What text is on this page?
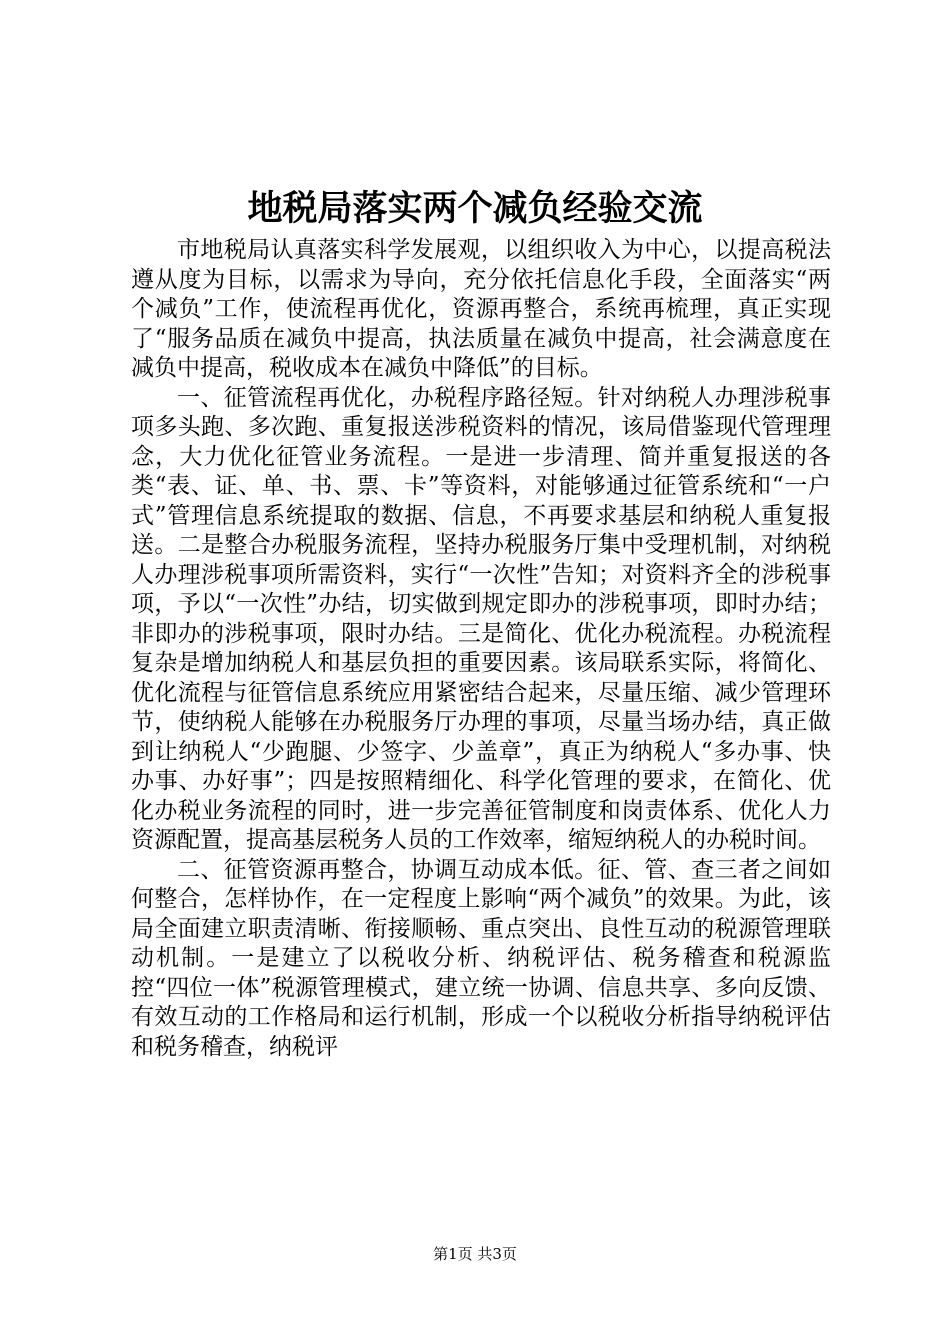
地税局落实两个减负经验交流

市地税局认真落实科学发展观，以组织收入为中心，以提高税法遵从度为目标，以需求为导向，充分依托信息化手段，全面落实“两个减负”工作，使流程再优化，资源再整合，系统再梳理，真正实现了“服务品质在减负中提高，执法质量在减负中提高，社会满意度在减负中提高，税收成本在减负中降低”的目标。

一、征管流程再优化，办税程序路径短。针对纳税人办理涉税事项多头跑、多次跑、重复报送涉税资料的情况，该局借鉴现代管理理念，大力优化征管业务流程。一是进一步清理、简并重复报送的各类“表、证、单、书、票、卡”等资料，对能够通过征管系统和“一户式”管理信息系统提取的数据、信息，不再要求基层和纳税人重复报送。二是整合办税服务流程，坚持办税服务厅集中受理机制，对纳税人办理涉税事项所需资料，实行“一次性”告知；对资料齐全的涉税事项，予以“一次性”办结，切实做到规定即办的涉税事项，即时办结；非即办的涉税事项，限时办结。三是简化、优化办税流程。办税流程复杂是增加纳税人和基层负担的重要因素。该局联系实际，将简化、优化流程与征管信息系统应用紧密结合起来，尽量压缩、减少管理环节，使纳税人能够在办税服务厅办理的事项，尽量当场办结，真正做到让纳税人“少跑腿、少签字、少盖章”，真正为纳税人“多办事、快办事、办好事”；四是按照精细化、科学化管理的要求，在简化、优化办税业务流程的同时，进一步完善征管制度和岗责体系、优化人力资源配置，提高基层税务人员的工作效率，缩短纳税人的办税时间。

二、征管资源再整合，协调互动成本低。征、管、查三者之间如何整合，怎样协作，在一定程度上影响“两个减负”的效果。为此，该局全面建立职责清晰、衔接顺畅、重点突出、良性互动的税源管理联动机制。一是建立了以税收分析、纳税评估、税务稽查和税源监控“四位一体”税源管理模式，建立统一协调、信息共享、多向反馈、有效互动的工作格局和运行机制，形成一个以税收分析指导纳税评估和税务稽查，纳税评

第1页 共3页
